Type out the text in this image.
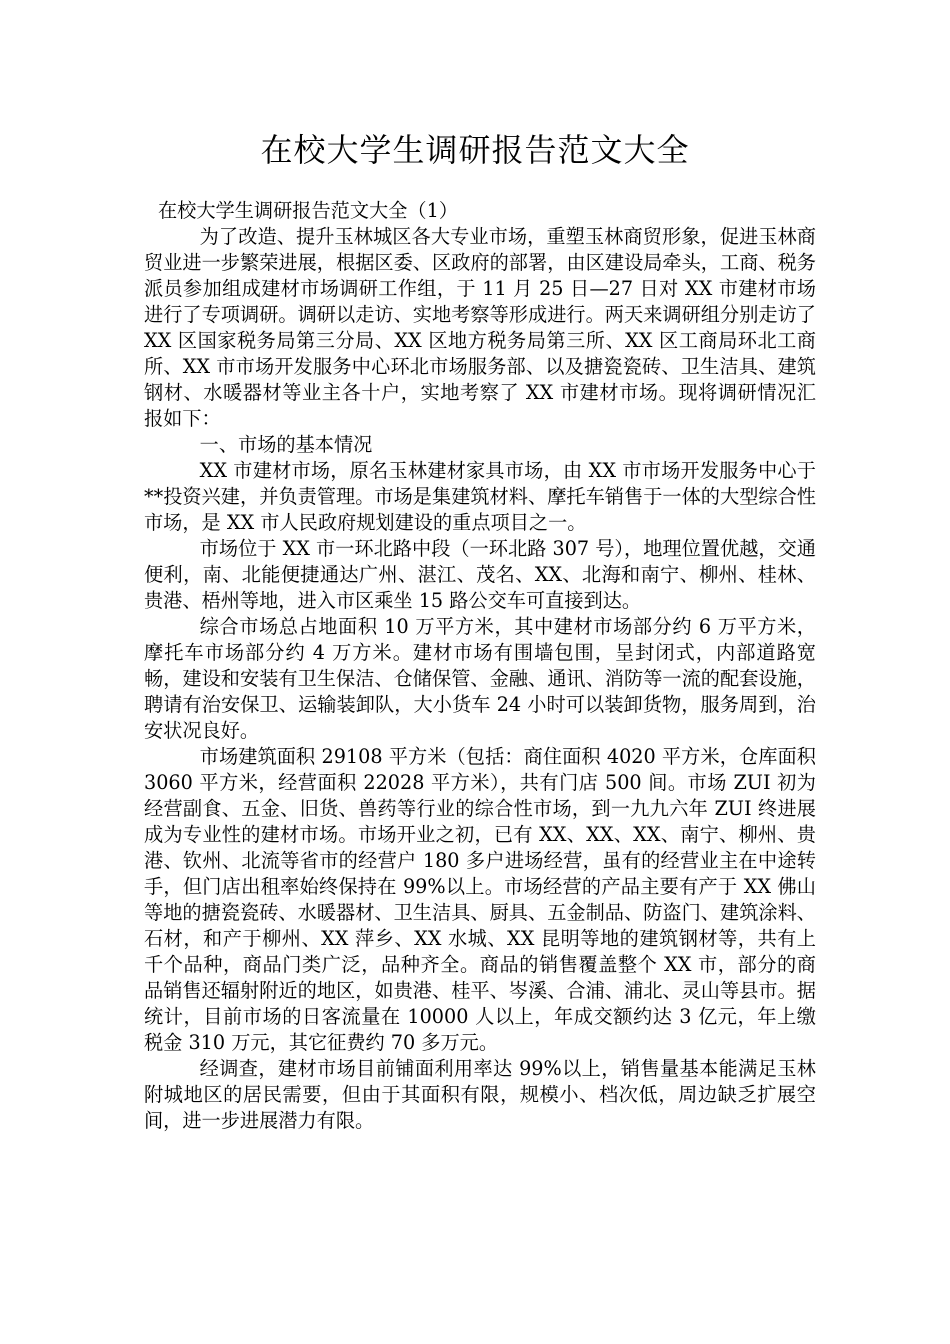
在校大学生调研报告范文大全

在校大学生调研报告范文大全（1）

为了改造、提升玉林城区各大专业市场，重塑玉林商贸形象，促进玉林商贸业进一步繁荣进展，根据区委、区政府的部署，由区建设局牵头，工商、税务派员参加组成建材市场调研工作组，于 11 月 25 日—27 日对 XX 市建材市场进行了专项调研。调研以走访、实地考察等形成进行。两天来调研组分别走访了 XX 区国家税务局第三分局、XX 区地方税务局第三所、XX 区工商局环北工商所、XX 市市场开发服务中心环北市场服务部、以及搪瓷瓷砖、卫生洁具、建筑钢材、水暖器材等业主各十户，实地考察了 XX 市建材市场。现将调研情况汇报如下：

一、市场的基本情况

XX 市建材市场，原名玉林建材家具市场，由 XX 市市场开发服务中心于**投资兴建，并负责管理。市场是集建筑材料、摩托车销售于一体的大型综合性市场，是 XX 市人民政府规划建设的重点项目之一。

市场位于 XX 市一环北路中段（一环北路 307 号），地理位置优越，交通便利，南、北能便捷通达广州、湛江、茂名、XX、北海和南宁、柳州、桂林、贵港、梧州等地，进入市区乘坐 15 路公交车可直接到达。

综合市场总占地面积 10 万平方米，其中建材市场部分约 6 万平方米，摩托车市场部分约 4 万方米。建材市场有围墙包围，呈封闭式，内部道路宽畅，建设和安装有卫生保洁、仓储保管、金融、通讯、消防等一流的配套设施，聘请有治安保卫、运输装卸队，大小货车 24 小时可以装卸货物，服务周到，治安状况良好。

市场建筑面积 29108 平方米（包括：商住面积 4020 平方米，仓库面积 3060 平方米，经营面积 22028 平方米），共有门店 500 间。市场 ZUI 初为经营副食、五金、旧货、兽药等行业的综合性市场，到一九九六年 ZUI 终进展成为专业性的建材市场。市场开业之初，已有 XX、XX、XX、南宁、柳州、贵港、钦州、北流等省市的经营户 180 多户进场经营，虽有的经营业主在中途转手，但门店出租率始终保持在 99%以上。市场经营的产品主要有产于 XX 佛山等地的搪瓷瓷砖、水暖器材、卫生洁具、厨具、五金制品、防盗门、建筑涂料、石材，和产于柳州、XX 萍乡、XX 水城、XX 昆明等地的建筑钢材等，共有上千个品种，商品门类广泛，品种齐全。商品的销售覆盖整个 XX 市，部分的商品销售还辐射附近的地区，如贵港、桂平、岑溪、合浦、浦北、灵山等县市。据统计，目前市场的日客流量在 10000 人以上，年成交额约达 3 亿元，年上缴税金 310 万元，其它征费约 70 多万元。

经调查，建材市场目前铺面利用率达 99%以上，销售量基本能满足玉林附城地区的居民需要，但由于其面积有限，规模小、档次低，周边缺乏扩展空间，进一步进展潜力有限。
